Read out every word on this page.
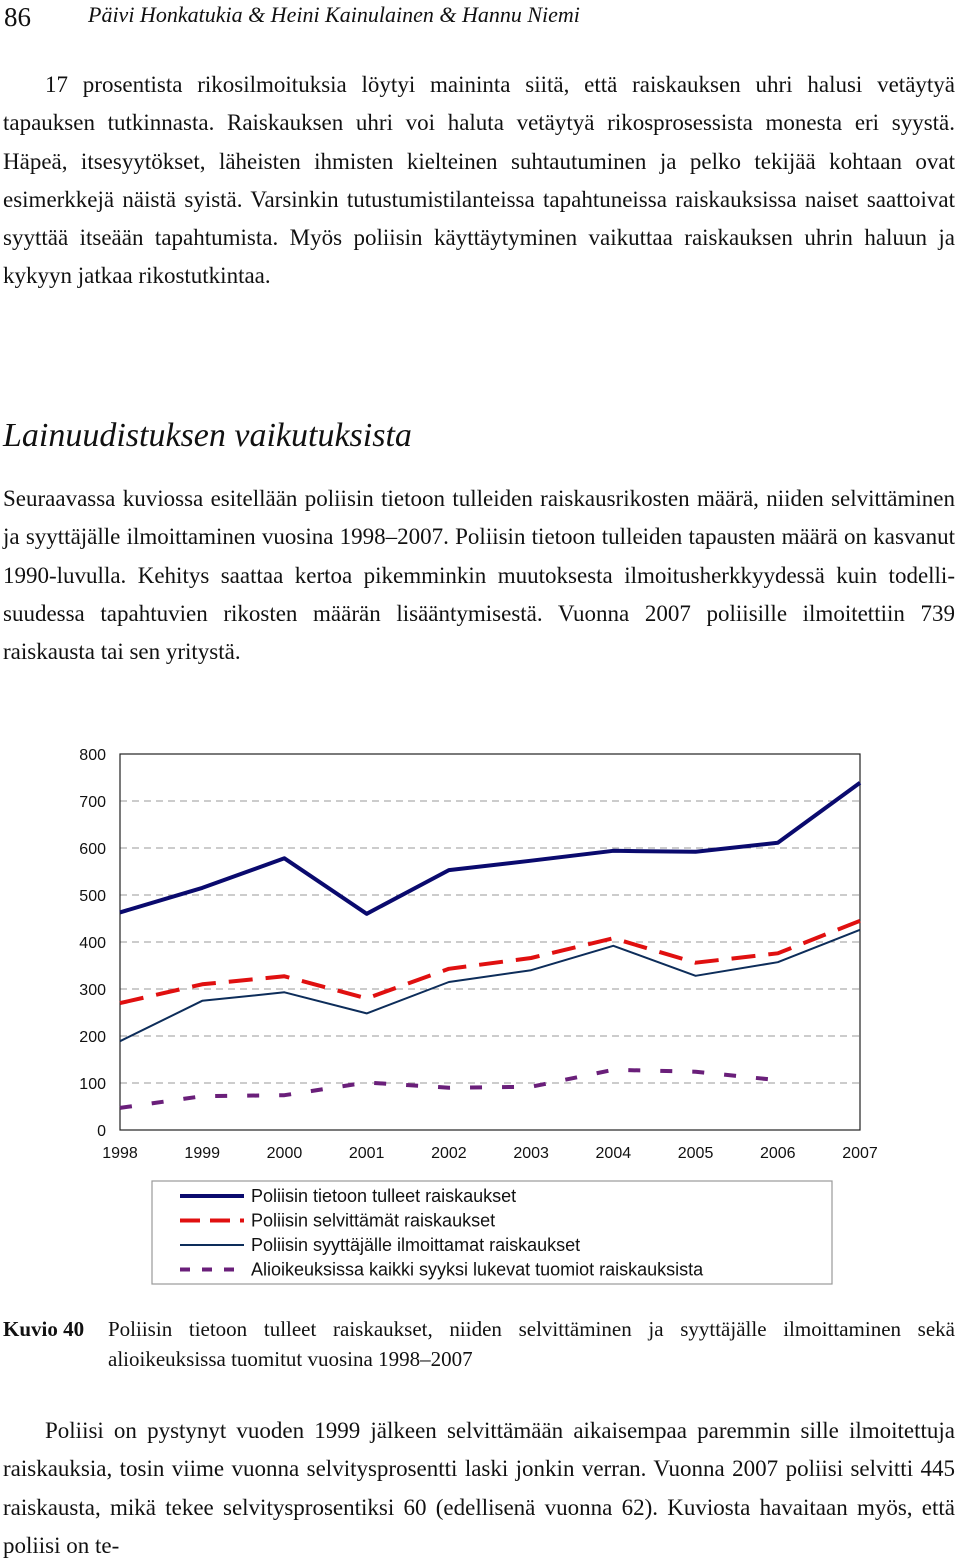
86	Päivi Honkatukia & Heini Kainulainen & Hannu Niemi

17 prosentista rikosilmoituksia löytyi maininta siitä, että raiskauksen uhri halusi vetäytyä tapauksen tutkinnasta. Raiskauksen uhri voi haluta vetäytyä rikosprosessista monesta eri syystä. Häpeä, itsesyytökset, läheisten ihmisten kielteinen suhtautuminen ja pelko tekijää kohtaan ovat esimerkkejä näistä syistä. Varsinkin tutustumistilanteissa tapahtuneissa raiskauksissa naiset saattoivat syyttää itseään tapahtumista. Myös poliisin käyttäytyminen vaikuttaa raiskauksen uhrin haluun ja kykyyn jatkaa rikostutkintaa.

Lainuudistuksen vaikutuksista

Seuraavassa kuviossa esitellään poliisin tietoon tulleiden raiskausrikosten määrä, niiden selvittäminen ja syyttäjälle ilmoittaminen vuosina 1998–2007. Poliisin tietoon tulleiden tapausten määrä on kasvanut 1990-luvulla. Kehitys saattaa kertoa pikemminkin muutoksesta ilmoitusherkkyydessä kuin todellisuudessa tapahtuvien rikosten määrän lisääntymisestä. Vuonna 2007 poliisille ilmoitettiin 739 raiskausta tai sen yritystä.

0
100
200
300
400
500
600
700
800
1998	1999	2000	2001	2002	2003	2004	2005	2006	2007
Poliisin tietoon tulleet raiskaukset
Poliisin selvittämät raiskaukset
Poliisin syyttäjälle ilmoittamat raiskaukset
Alioikeuksissa kaikki syyksi lukevat tuomiot raiskauksista
Kuvio 40	Poliisin tietoon tulleet raiskaukset, niiden selvittäminen ja syyttäjälle ilmoittaminen sekä alioikeuksissa tuomitut vuosina 1998–2007

Poliisi on pystynyt vuoden 1999 jälkeen selvittämään aikaisempaa paremmin sille ilmoitettuja raiskauksia, tosin viime vuonna selvitysprosentti laski jonkin verran. Vuonna 2007 poliisi selvitti 445 raiskausta, mikä tekee selvitysprosentiksi 60 (edellisenä vuonna 62). Kuviosta havaitaan myös, että poliisi on te-
